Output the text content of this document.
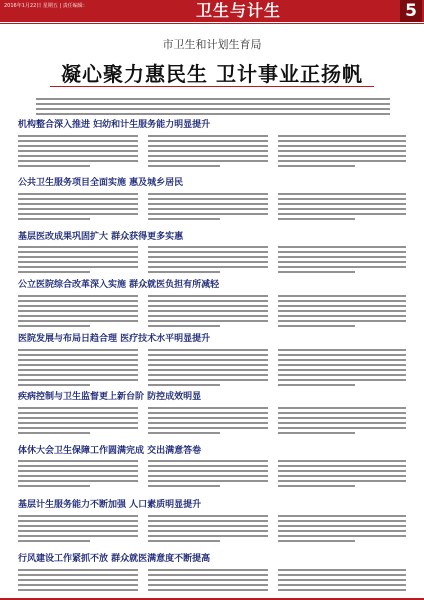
2016年1月22日 星期五 | 责任编辑：	卫生与计生	5
市卫生和计划生育局
凝心聚力惠民生 卫计事业正扬帆
机构整合深入推进 妇幼和计生服务能力明显提升
公共卫生服务项目全面实施 惠及城乡居民
基层医改成果巩固扩大 群众获得更多实惠
公立医院综合改革深入实施 群众就医负担有所减轻
医院发展与布局日趋合理 医疗技术水平明显提升
疾病控制与卫生监督更上新台阶 防控成效明显
体休大会卫生保障工作圆满完成 交出满意答卷
基层计生服务能力不断加强 人口素质明显提升
行风建设工作紧抓不放 群众就医满意度不断提高
